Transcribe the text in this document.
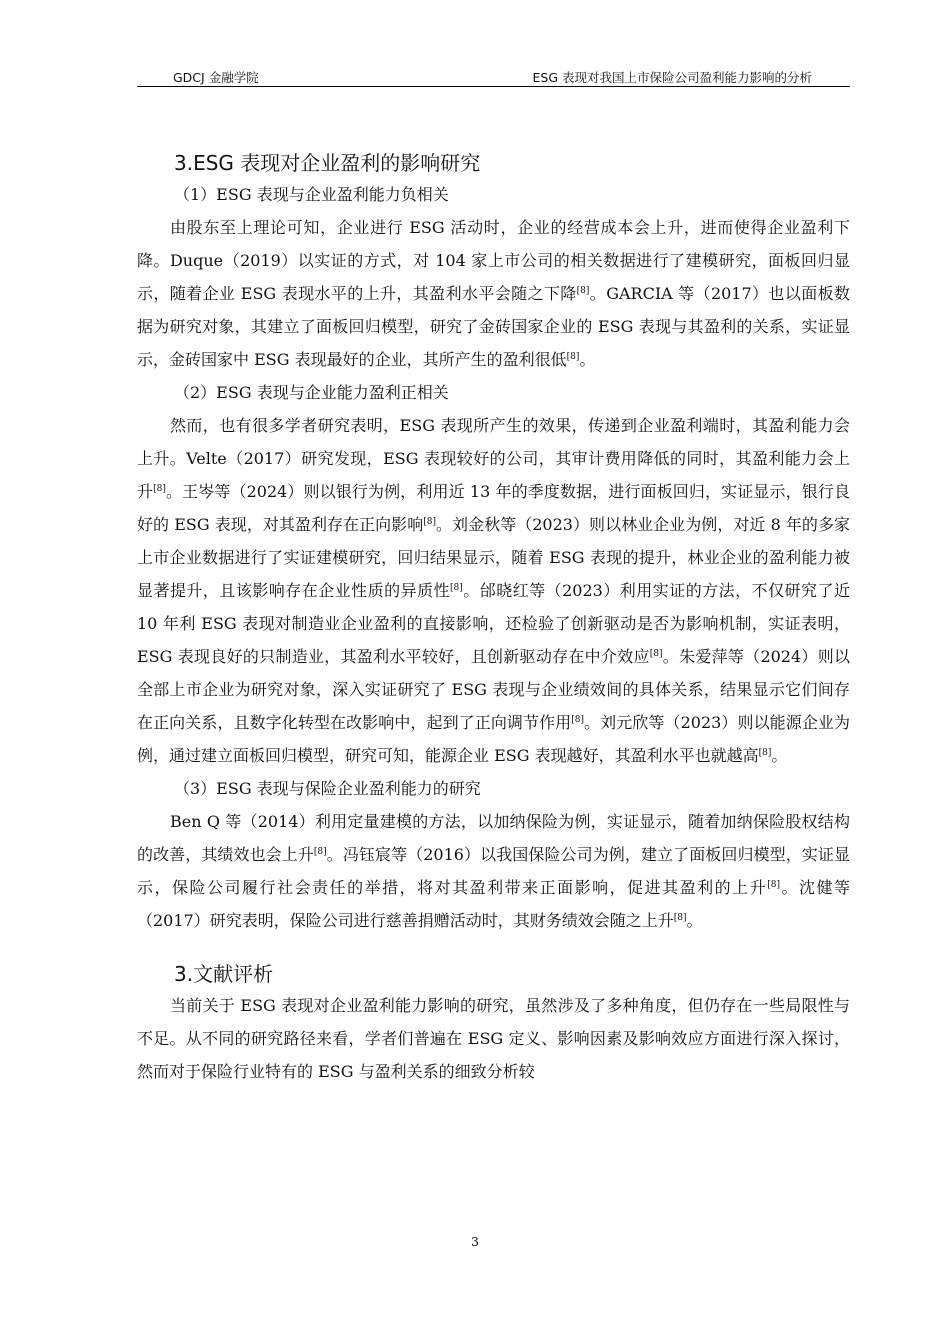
GDCJ 金融学院	ESG 表现对我国上市保险公司盈利能力影响的分析
3.ESG 表现对企业盈利的影响研究

（1）ESG 表现与企业盈利能力负相关

由股东至上理论可知，企业进行 ESG 活动时，企业的经营成本会上升，进而使得企业盈利下降。Duque（2019）以实证的方式，对 104 家上市公司的相关数据进行了建模研究，面板回归显示，随着企业 ESG 表现水平的上升，其盈利水平会随之下降[8]。GARCIA 等（2017）也以面板数据为研究对象，其建立了面板回归模型，研究了金砖国家企业的 ESG 表现与其盈利的关系，实证显示，金砖国家中 ESG 表现最好的企业，其所产生的盈利很低[8]。

（2）ESG 表现与企业能力盈利正相关

然而，也有很多学者研究表明，ESG 表现所产生的效果，传递到企业盈利端时，其盈利能力会上升。Velte（2017）研究发现，ESG 表现较好的公司，其审计费用降低的同时，其盈利能力会上升[8]。王岑等（2024）则以银行为例，利用近 13 年的季度数据，进行面板回归，实证显示，银行良好的 ESG 表现，对其盈利存在正向影响[8]。刘金秋等（2023）则以林业企业为例，对近 8 年的多家上市企业数据进行了实证建模研究，回归结果显示，随着 ESG 表现的提升，林业企业的盈利能力被显著提升，且该影响存在企业性质的异质性[8]。邰晓红等（2023）利用实证的方法，不仅研究了近 10 年利 ESG 表现对制造业企业盈利的直接影响，还检验了创新驱动是否为影响机制，实证表明，ESG 表现良好的只制造业，其盈利水平较好，且创新驱动存在中介效应[8]。朱爱萍等（2024）则以全部上市企业为研究对象，深入实证研究了 ESG 表现与企业绩效间的具体关系，结果显示它们间存在正向关系，且数字化转型在改影响中，起到了正向调节作用[8]。刘元欣等（2023）则以能源企业为例，通过建立面板回归模型，研究可知，能源企业 ESG 表现越好，其盈利水平也就越高[8]。

（3）ESG 表现与保险企业盈利能力的研究

Ben Q 等（2014）利用定量建模的方法，以加纳保险为例，实证显示，随着加纳保险股权结构的改善，其绩效也会上升[8]。冯钰宸等（2016）以我国保险公司为例，建立了面板回归模型，实证显示，保险公司履行社会责任的举措，将对其盈利带来正面影响，促进其盈利的上升[8]。沈健等（2017）研究表明，保险公司进行慈善捐赠活动时，其财务绩效会随之上升[8]。

3.文献评析

当前关于 ESG 表现对企业盈利能力影响的研究，虽然涉及了多种角度，但仍存在一些局限性与不足。从不同的研究路径来看，学者们普遍在 ESG 定义、影响因素及影响效应方面进行深入探讨，然而对于保险行业特有的 ESG 与盈利关系的细致分析较

3
